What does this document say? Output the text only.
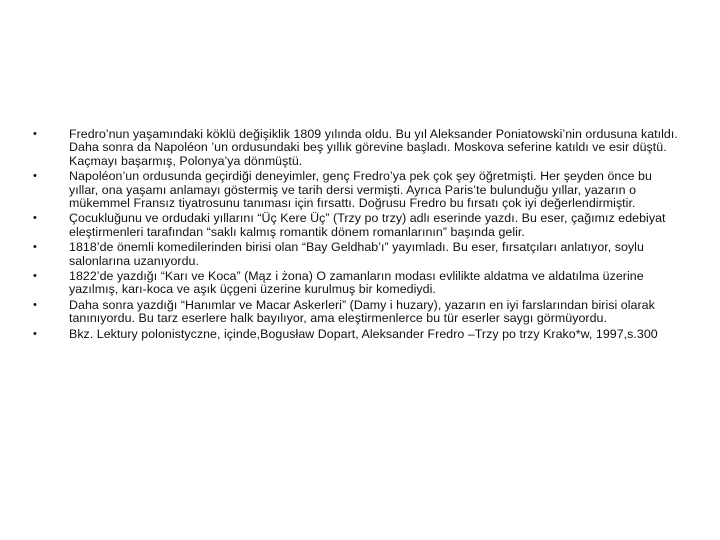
•	Fredro’nun yaşamındaki köklü değişiklik 1809 yılında oldu. Bu yıl Aleksander Poniatowski’nin ordusuna katıldı. Daha sonra da Napoléon ’un ordusundaki beş yıllık görevine başladı. Moskova seferine katıldı ve esir düştü. Kaçmayı başarmış, Polonya’ya dönmüştü.
•	Napoléon’un ordusunda geçirdiği deneyimler, genç Fredro’ya pek çok şey öğretmişti. Her şeyden önce bu yıllar, ona yaşamı anlamayı göstermiş ve tarih dersi vermişti. Ayrıca Paris’te bulunduğu yıllar, yazarın o mükemmel Fransız tiyatrosunu tanıması için fırsattı. Doğrusu Fredro bu fırsatı çok iyi değerlendirmiştir.
•	Çocukluğunu ve ordudaki yıllarını “Üç Kere Üç” (Trzy po trzy) adlı eserinde yazdı. Bu eser, çağımız edebiyat eleştirmenleri tarafından “saklı kalmış romantik dönem romanlarının” başında gelir.
•	1818’de önemli komedilerinden birisi olan “Bay Geldhab’ı” yayımladı. Bu eser, fırsatçıları anlatıyor, soylu salonlarına uzanıyordu.
•	1822’de yazdığı “Karı ve Koca” (Mąz i żona) O zamanların modası evlilikte aldatma ve aldatılma üzerine yazılmış, karı-koca ve aşık üçgeni üzerine kurulmuş bir komediydi.
•	Daha sonra yazdığı “Hanımlar ve Macar Askerleri” (Damy i huzary), yazarın en iyi farslarından birisi olarak tanınıyordu. Bu tarz eserlere halk bayılıyor, ama eleştirmenlerce bu tür eserler saygı görmüyordu.
•	Bkz. Lektury polonistyczne, içinde,Bogusław Dopart, Aleksander Fredro –Trzy po trzy Krako*w, 1997,s.300
